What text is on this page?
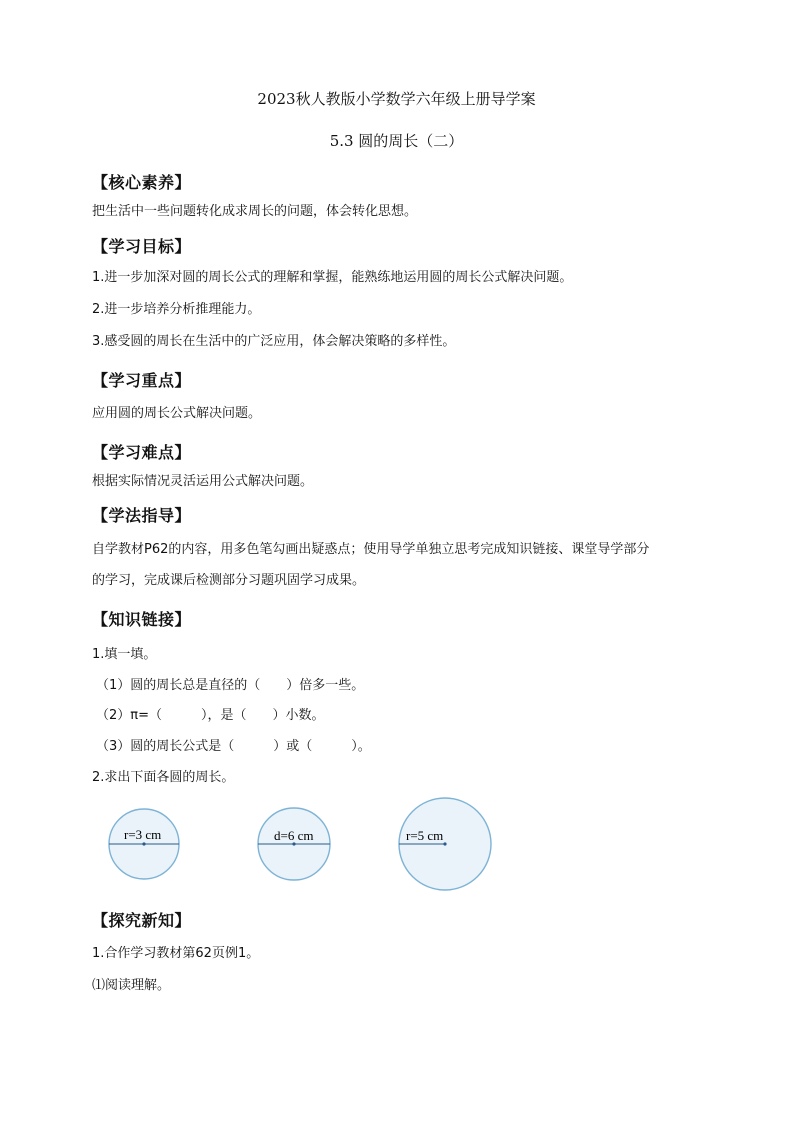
2023秋人教版小学数学六年级上册导学案
5.3 圆的周长（二）
【核心素养】
把生活中一些问题转化成求周长的问题，体会转化思想。
【学习目标】
1.进一步加深对圆的周长公式的理解和掌握，能熟练地运用圆的周长公式解决问题。
2.进一步培养分析推理能力。
3.感受圆的周长在生活中的广泛应用，体会解决策略的多样性。
【学习重点】
应用圆的周长公式解决问题。
【学习难点】
根据实际情况灵活运用公式解决问题。
【学法指导】
自学教材P62的内容，用多色笔勾画出疑惑点；使用导学单独立思考完成知识链接、课堂导学部分
的学习，完成课后检测部分习题巩固学习成果。
【知识链接】
1.填一填。
（1）圆的周长总是直径的（　　）倍多一些。
（2）π=（　　　），是（　　）小数。
（3）圆的周长公式是（　　　）或（　　　）。
2.求出下面各圆的周长。
r=3 cm	d=6 cm	r=5 cm
【探究新知】
1.合作学习教材第62页例1。
⑴阅读理解。
